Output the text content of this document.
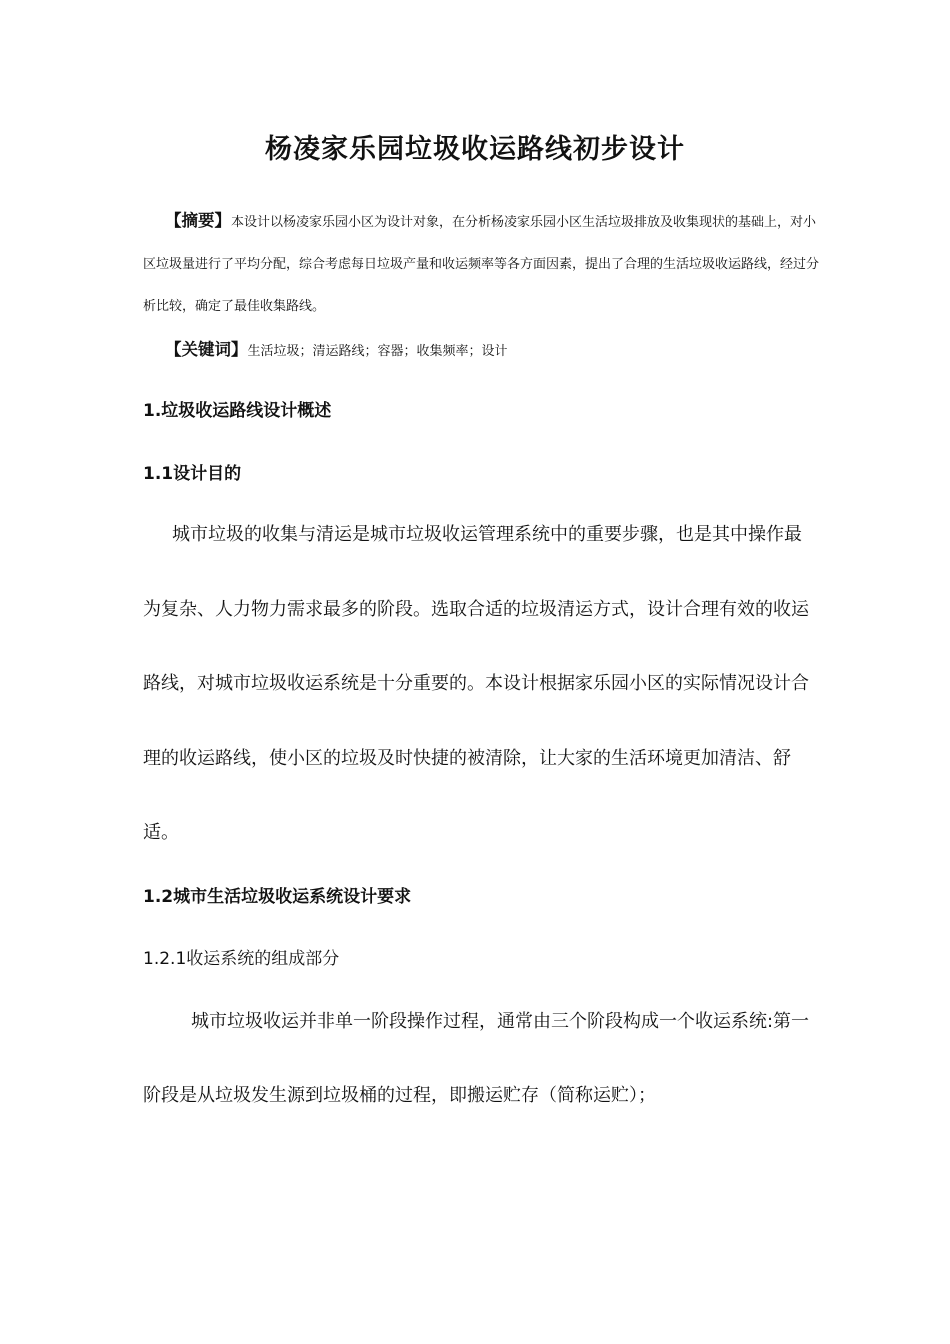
杨凌家乐园垃圾收运路线初步设计

【摘要】本设计以杨凌家乐园小区为设计对象，在分析杨凌家乐园小区生活垃圾排放及收集现状的基础上，对小区垃圾量进行了平均分配，综合考虑每日垃圾产量和收运频率等各方面因素，提出了合理的生活垃圾收运路线，经过分析比较，确定了最佳收集路线。

【关键词】生活垃圾；清运路线；容器；收集频率；设计
1.垃圾收运路线设计概述
1.1设计目的

城市垃圾的收集与清运是城市垃圾收运管理系统中的重要步骤，也是其中操作最为复杂、人力物力需求最多的阶段。选取合适的垃圾清运方式，设计合理有效的收运路线，对城市垃圾收运系统是十分重要的。本设计根据家乐园小区的实际情况设计合理的收运路线，使小区的垃圾及时快捷的被清除，让大家的生活环境更加清洁、舒适。

1.2城市生活垃圾收运系统设计要求
1.2.1收运系统的组成部分

城市垃圾收运并非单一阶段操作过程，通常由三个阶段构成一个收运系统:第一阶段是从垃圾发生源到垃圾桶的过程，即搬运贮存（简称运贮）；
